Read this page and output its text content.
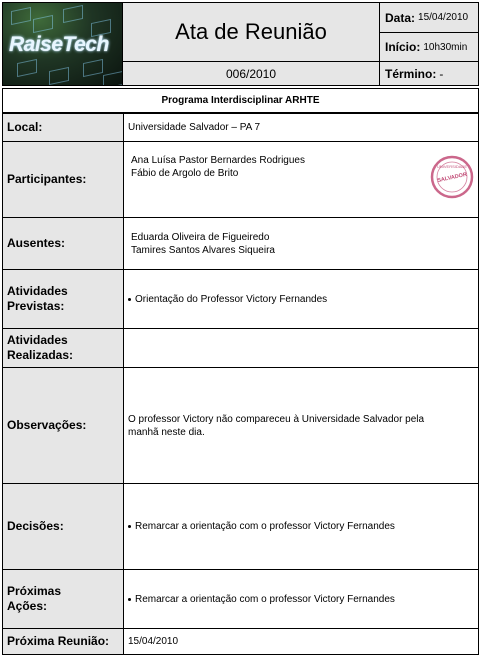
RaiseTech
Ata de Reunião
006/2010
Data: 15/04/2010
Início: 10h30min
Término: -
Programa Interdisciplinar ARHTE
Local:	Universidade Salvador – PA 7
Participantes:
Ana Luísa Pastor Bernardes Rodrigues
Fábio de Argolo de Brito
UNIVERSIDADE
SALVADOR
Ausentes:	Eduarda Oliveira de Figueiredo
Tamires Santos Alvares Siqueira
Atividades
Previstas:	Orientação do Professor Victory Fernandes
Atividades
Realizadas:
Observações:	O professor Victory não compareceu à Universidade Salvador pela
manhã neste dia.
Decisões:	Remarcar a orientação com o professor Victory Fernandes
Próximas
Ações:	Remarcar a orientação com o professor Victory Fernandes
Próxima Reunião: 15/04/2010
